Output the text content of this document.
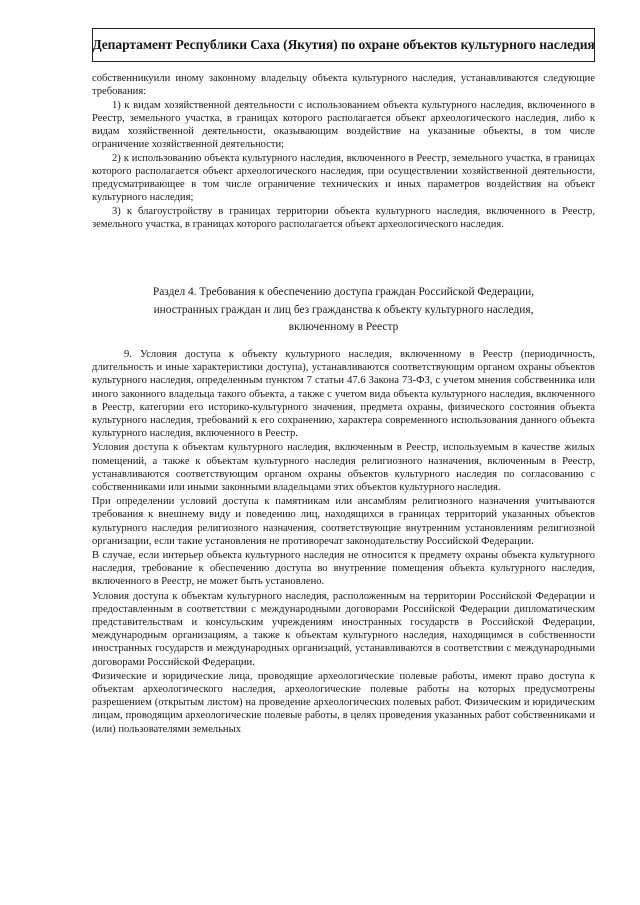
Департамент Республики Саха (Якутия) по охране объектов культурного наследия

собственникуили иному законному владельцу объекта культурного наследия, устанавливаются следующие требования:

1) к видам хозяйственной деятельности с использованием объекта культурного наследия, включенного в Реестр, земельного участка, в границах которого располагается объект археологического наследия, либо к видам хозяйственной деятельности, оказывающим воздействие на указанные объекты, в том числе ограничение хозяйственной деятельности;

2) к использованию объекта культурного наследия, включенного в Реестр, земельного участка, в границах которого располагается объект археологического наследия, при осуществлении хозяйственной деятельности, предусматривающее в том числе ограничение технических и иных параметров воздействия на объект культурного наследия;

3) к благоустройству в границах территории объекта культурного наследия, включенного в Реестр, земельного участка, в границах которого располагается объект археологического наследия.

Раздел 4. Требования к обеспечению доступа граждан Российской Федерации,
иностранных граждан и лиц без гражданства к объекту культурного наследия,
включенному в Реестр

9. Условия доступа к объекту культурного наследия, включенному в Реестр (периодичность, длительность и иные характеристики доступа), устанавливаются соответствующим органом охраны объектов культурного наследия, определенным пунктом 7 статьи 47.6 Закона 73-ФЗ, с учетом мнения собственника или иного законного владельца такого объекта, а также с учетом вида объекта культурного наследия, включенного в Реестр, категории его историко-культурного значения, предмета охраны, физического состояния объекта культурного наследия, требований к его сохранению, характера современного использования данного объекта культурного наследия, включенного в Реестр.

Условия доступа к объектам культурного наследия, включенным в Реестр, используемым в качестве жилых помещений, а также к объектам культурного наследия религиозного назначения, включенным в Реестр, устанавливаются соответствующим органом охраны объектов культурного наследия по согласованию с собственниками или иными законными владельцами этих объектов культурного наследия.

При определении условий доступа к памятникам или ансамблям религиозного назначения учитываются требования к внешнему виду и поведению лиц, находящихся в границах территорий указанных объектов культурного наследия религиозного назначения, соответствующие внутренним установлениям религиозной организации, если такие установления не противоречат законодательству Российской Федерации.

В случае, если интерьер объекта культурного наследия не относится к предмету охраны объекта культурного наследия, требование к обеспечению доступа во внутренние помещения объекта культурного наследия, включенного в Реестр, не может быть установлено.

Условия доступа к объектам культурного наследия, расположенным на территории Российской Федерации и предоставленным в соответствии с международными договорами Российской Федерации дипломатическим представительствам и консульским учреждениям иностранных государств в Российской Федерации, международным организациям, а также к объектам культурного наследия, находящимся в собственности иностранных государств и международных организаций, устанавливаются в соответствии с международными договорами Российской Федерации.

Физические и юридические лица, проводящие археологические полевые работы, имеют право доступа к объектам археологического наследия, археологические полевые работы на которых предусмотрены разрешением (открытым листом) на проведение археологических полевых работ. Физическим и юридическим лицам, проводящим археологические полевые работы, в целях проведения указанных работ собственниками и (или) пользователями земельных
